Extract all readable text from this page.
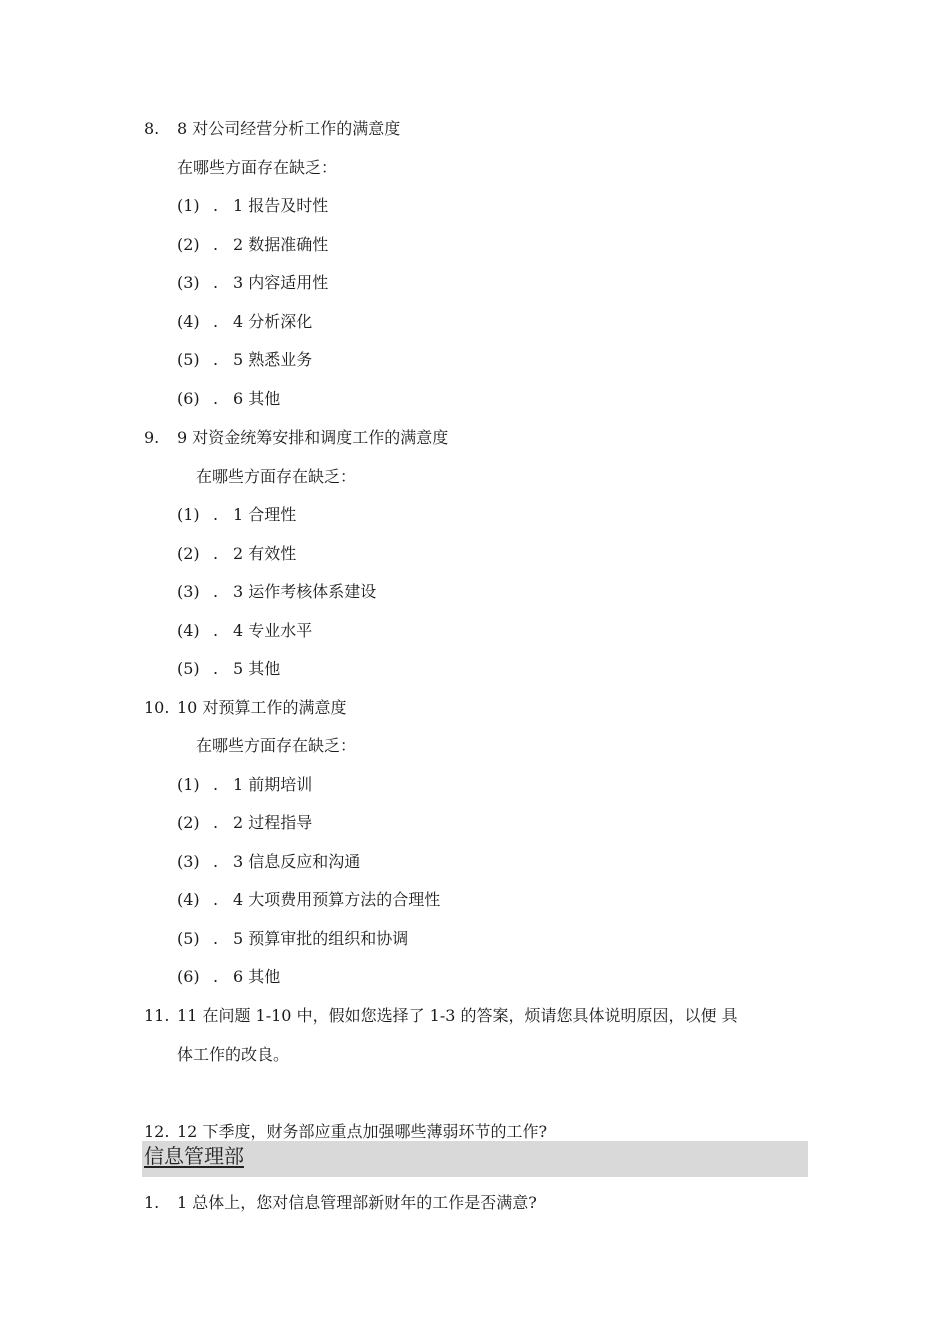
8. 8 对公司经营分析工作的满意度
在哪些方面存在缺乏：
(1) . 1 报告及时性
(2) . 2 数据准确性
(3) . 3 内容适用性
(4) . 4 分析深化
(5) . 5 熟悉业务
(6) . 6 其他
9. 9 对资金统筹安排和调度工作的满意度
在哪些方面存在缺乏：
(1) . 1 合理性
(2) . 2 有效性
(3) . 3 运作考核体系建设
(4) . 4 专业水平
(5) . 5 其他
10. 10 对预算工作的满意度
在哪些方面存在缺乏：
(1) . 1 前期培训
(2) . 2 过程指导
(3) . 3 信息反应和沟通
(4) . 4 大项费用预算方法的合理性
(5) . 5 预算审批的组织和协调
(6) . 6 其他
11. 11 在问题 1-10 中，假如您选择了 1-3 的答案，烦请您具体说明原因，以便 具
体工作的改良。
12. 12 下季度，财务部应重点加强哪些薄弱环节的工作?
信息管理部
1. 1 总体上，您对信息管理部新财年的工作是否满意?
